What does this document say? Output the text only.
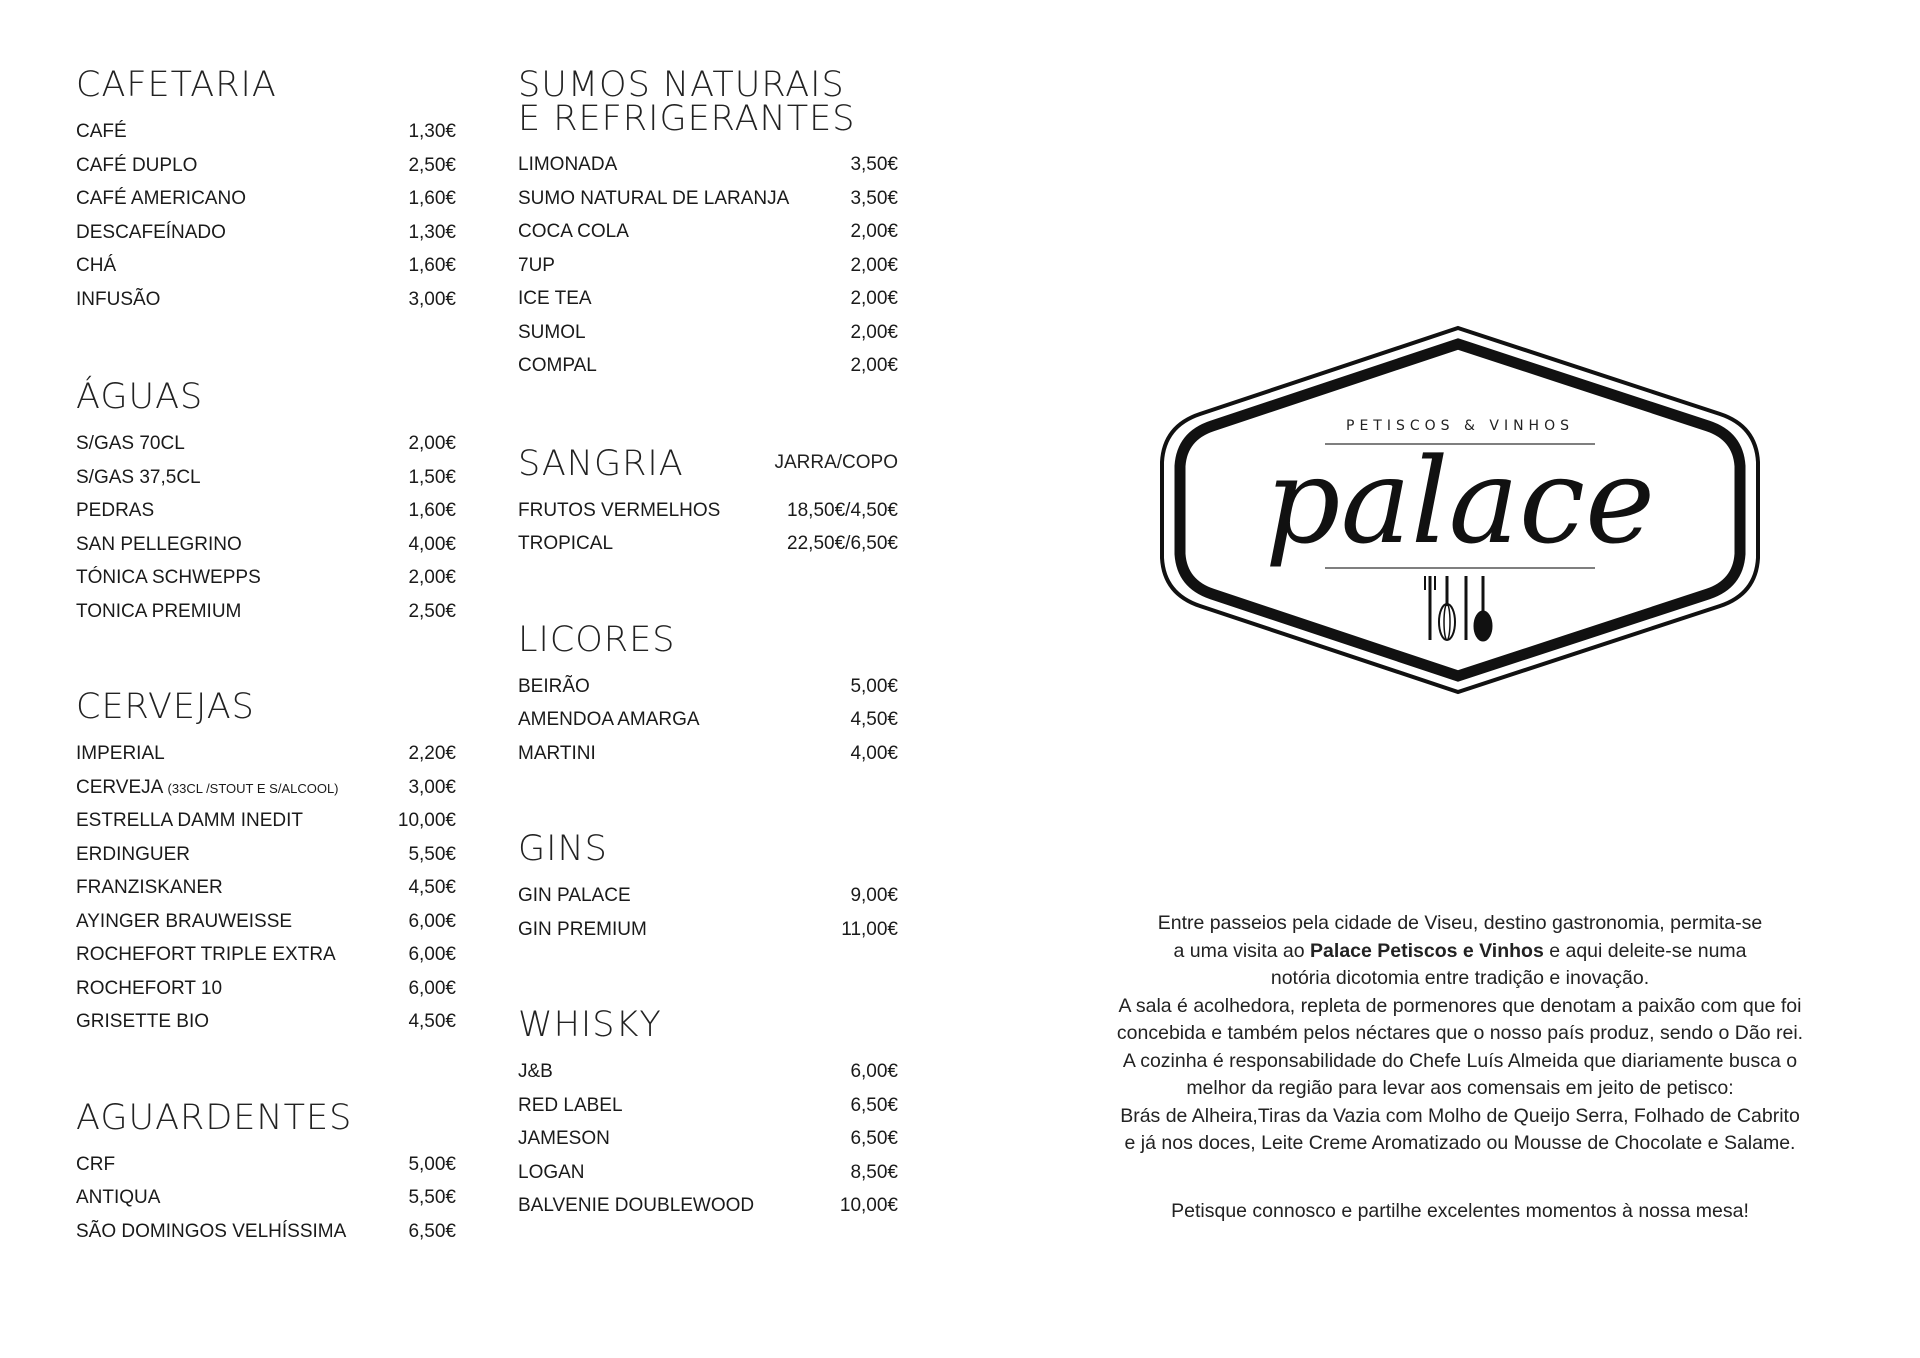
CAFETARIA
CAFÉ	1,30€
CAFÉ DUPLO	2,50€
CAFÉ AMERICANO	1,60€
DESCAFEÍNADO	1,30€
CHÁ	1,60€
INFUSÃO	3,00€
ÁGUAS
S/GAS 70CL	2,00€
S/GAS 37,5CL	1,50€
PEDRAS	1,60€
SAN PELLEGRINO	4,00€
TÓNICA SCHWEPPS	2,00€
TONICA PREMIUM	2,50€
CERVEJAS
IMPERIAL	2,20€
CERVEJA (33CL /STOUT E S/ALCOOL)	3,00€
ESTRELLA DAMM INEDIT	10,00€
ERDINGUER	5,50€
FRANZISKANER	4,50€
AYINGER BRAUWEISSE	6,00€
ROCHEFORT TRIPLE EXTRA	6,00€
ROCHEFORT 10	6,00€
GRISETTE BIO	4,50€
AGUARDENTES
CRF	5,00€
ANTIQUA	5,50€
SÃO DOMINGOS VELHÍSSIMA	6,50€
SUMOS NATURAIS E REFRIGERANTES
LIMONADA	3,50€
SUMO NATURAL DE LARANJA	3,50€
COCA COLA	2,00€
7UP	2,00€
ICE TEA	2,00€
SUMOL	2,00€
COMPAL	2,00€
SANGRIA	JARRA/COPO
FRUTOS VERMELHOS	18,50€/4,50€
TROPICAL	22,50€/6,50€
LICORES
BEIRÃO	5,00€
AMENDOA AMARGA	4,50€
MARTINI	4,00€
GINS
GIN PALACE	9,00€
GIN PREMIUM	11,00€
WHISKY
J&B	6,00€
RED LABEL	6,50€
JAMESON	6,50€
LOGAN	8,50€
BALVENIE DOUBLEWOOD	10,00€
PETISCOS & VINHOS
palace

Entre passeios pela cidade de Viseu, destino gastronomia, permita-se

a uma visita ao Palace Petiscos e Vinhos e aqui deleite-se numa

notória dicotomia entre tradição e inovação.

A sala é acolhedora, repleta de pormenores que denotam a paixão com que foi

concebida e também pelos néctares que o nosso país produz, sendo o Dão rei.

A cozinha é responsabilidade do Chefe Luís Almeida que diariamente busca o

melhor da região para levar aos comensais em jeito de petisco:

Brás de Alheira,Tiras da Vazia com Molho de Queijo Serra, Folhado de Cabrito

e já nos doces, Leite Creme Aromatizado ou Mousse de Chocolate e Salame.

Petisque connosco e partilhe excelentes momentos à nossa mesa!
